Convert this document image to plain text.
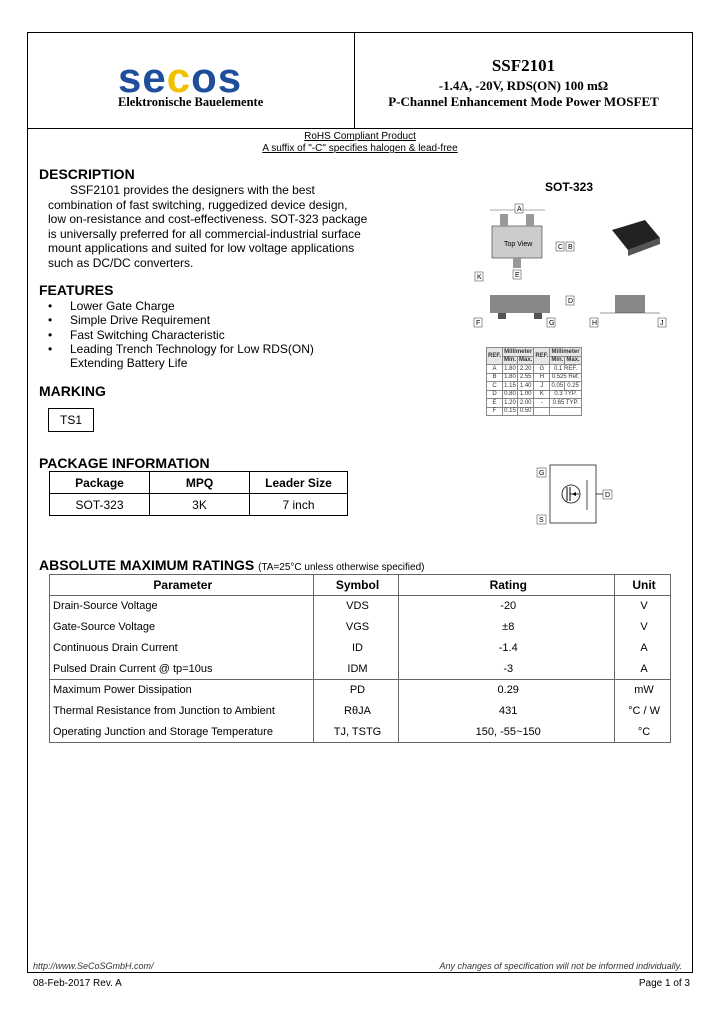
secos
Elektronische Bauelemente
SSF2101
-1.4A, -20V, RDS(ON) 100 mΩ
P-Channel Enhancement Mode Power MOSFET
RoHS Compliant Product
A suffix of "-C" specifies halogen & lead-free
DESCRIPTION
SSF2101 provides the designers with the best
combination of fast switching, ruggedized device design,
low on-resistance and cost-effectiveness. SOT-323 package
is universally preferred for all commercial-industrial surface
mount applications and suited for low voltage applications
such as DC/DC converters.
FEATURES
• Lower Gate Charge
• Simple Drive Requirement
• Fast Switching Characteristic
• Leading Trench Technology for Low RDS(ON)
Extending Battery Life
SOT-323
Top View
A
C B
E
K
D
F	G	H	J
REF.	Millimeter		REF.	Millimeter	
	Min.	Max.		Min.	Max.
A	1.80	2.20	G	0.1 REF.	
B	1.80	2.55	H	0.525 Ref.	
C	1.15	1.40	J	0.05	0.25
D	0.80	1.00	K	0.3 TYP.	
E	1.20	2.00	-	0.65 TYP.	
F	0.15	0.50			
MARKING
TS1
PACKAGE INFORMATION
Package	MPQ	Leader Size
SOT-323	3K	7 inch
G
D
S
ABSOLUTE MAXIMUM RATINGS (TA=25°C unless otherwise specified)
Parameter	Symbol	Rating	Unit
Drain-Source Voltage	VDS	-20	V
Gate-Source Voltage	VGS	±8	V
Continuous Drain Current	ID	-1.4	A
Pulsed Drain Current @ tp=10us	IDM	-3	A
Maximum Power Dissipation	PD	0.29	mW
Thermal Resistance from Junction to Ambient	RθJA	431	°C / W
Operating Junction and Storage Temperature	TJ, TSTG	150, -55~150	°C
http://www.SeCoSGmbH.com/	Any changes of specification will not be informed individually.
08-Feb-2017 Rev. A	Page 1 of 3
